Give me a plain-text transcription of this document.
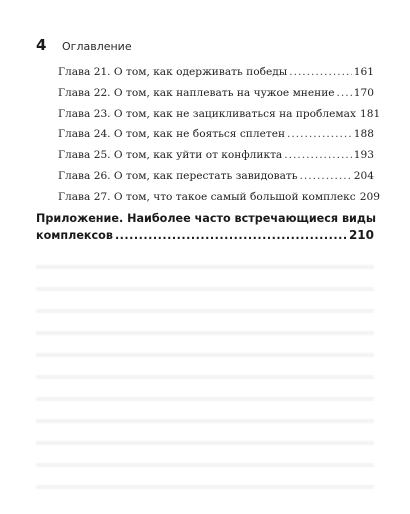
4	Оглавление
Глава 21. О том, как одерживать победы .....	161
Глава 22. О том, как наплевать на чужое мнение ..... 170
Глава 23. О том, как не зацикливаться на проблемах 181
Глава 24. О том, как не бояться сплетен .....	188
Глава 25. О том, как уйти от конфликта .....	193
Глава 26. О том, как перестать завидовать .....	204
Глава 27. О том, что такое самый большой комплекс 209
Приложение. Наиболее часто встречающиеся виды
комплексов .....	210
